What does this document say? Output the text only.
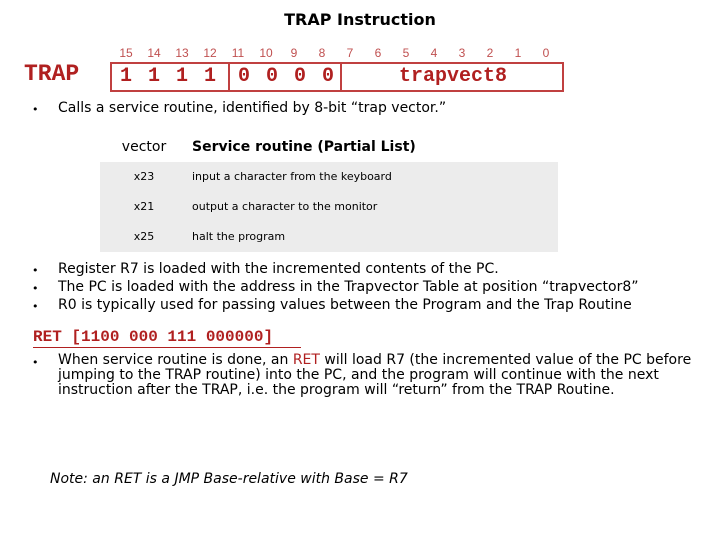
TRAP Instruction
TRAP
15	14	13	12	11	10	9	8	7	6	5	4	3	2	1	0
1 1 1 1	0 0 0 0	trapvect8
• Calls a service routine, identified by 8-bit “trap vector.”
vector	Service routine (Partial List)
x23	input a character from the keyboard
x21	output a character to the monitor
x25	halt the program
• Register R7 is loaded with the incremented contents of the PC.
• The PC is loaded with the address in the Trapvector Table at position “trapvector8”
• R0 is typically used for passing values between the Program and the Trap Routine
RET [1100 000 111 000000]
• When service routine is done, an RET will load R7 (the incremented value of the PC before jumping to the TRAP routine) into the PC, and the program will continue with the next instruction after the TRAP, i.e. the program will “return” from the TRAP Routine.
Note: an RET is a JMP Base-relative with Base = R7
